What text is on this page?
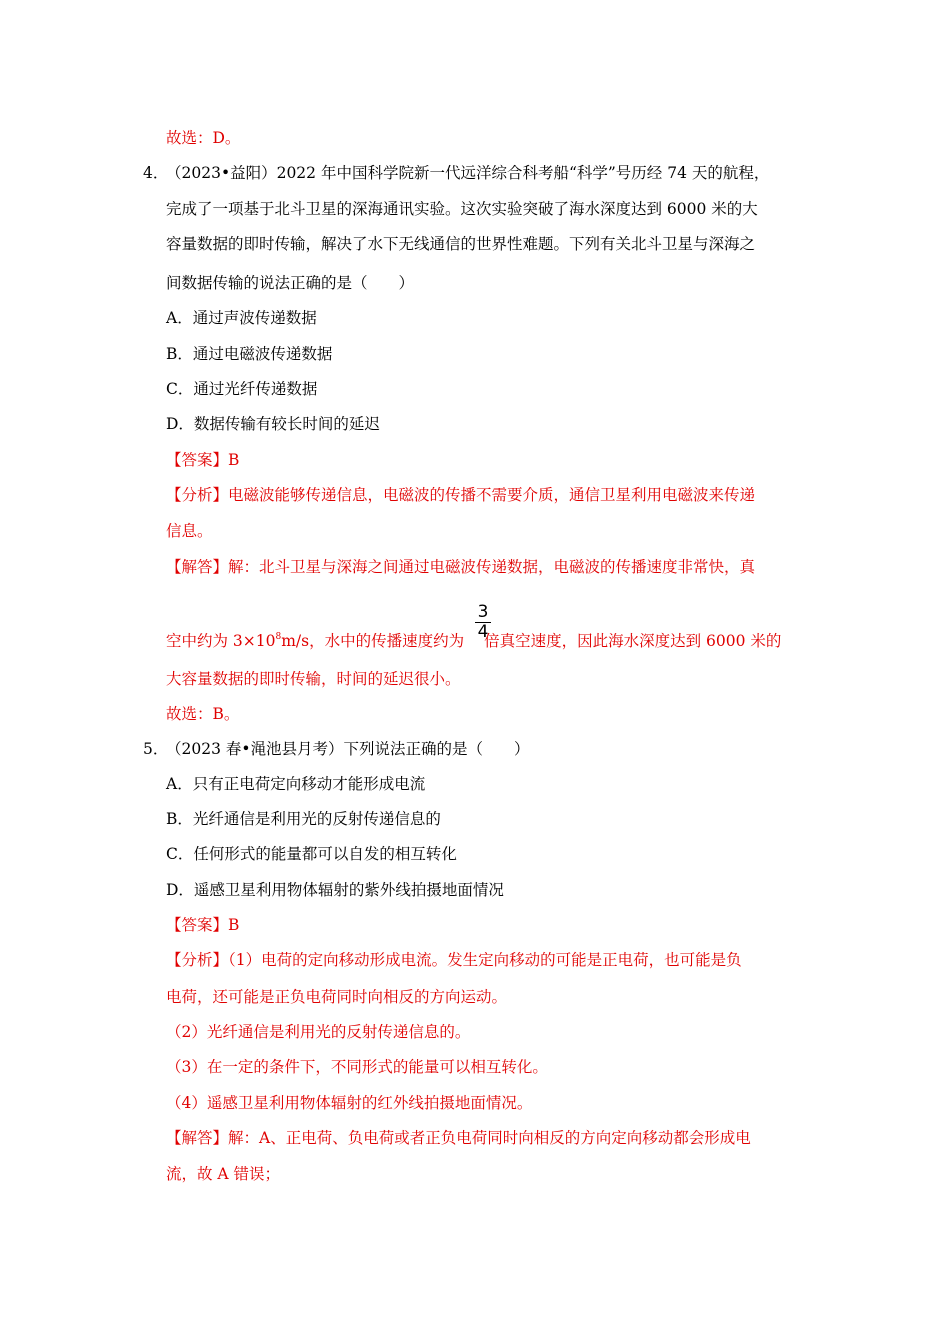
故选：D。
4．
（2023•益阳）2022 年中国科学院新一代远洋综合科考船“科学”号历经 74 天的航程，
完成了一项基于北斗卫星的深海通讯实验。这次实验突破了海水深度达到 6000 米的大
容量数据的即时传输，解决了水下无线通信的世界性难题。下列有关北斗卫星与深海之
间数据传输的说法正确的是（　　）
A．通过声波传递数据
B．通过电磁波传递数据
C．通过光纤传递数据
D．数据传输有较长时间的延迟
【答案】B
【分析】电磁波能够传递信息，电磁波的传播不需要介质，通信卫星利用电磁波来传递
信息。
【解答】解：北斗卫星与深海之间通过电磁波传递数据，电磁波的传播速度非常快，真
空中约为 $3\times 10^8m/s$，水中的传播速度约为 倍真空速度，因此海水深度达到 6000 米的
3
4
大容量数据的即时传输，时间的延迟很小。
故选：B。
5．
（2023 春•渑池县月考）下列说法正确的是（　　）
A．只有正电荷定向移动才能形成电流
B．光纤通信是利用光的反射传递信息的
C．任何形式的能量都可以自发的相互转化
D．遥感卫星利用物体辐射的紫外线拍摄地面情况
【答案】B
【分析】（1）电荷的定向移动形成电流。发生定向移动的可能是正电荷，也可能是负
电荷，还可能是正负电荷同时向相反的方向运动。
（2）光纤通信是利用光的反射传递信息的。
（3）在一定的条件下，不同形式的能量可以相互转化。
（4）遥感卫星利用物体辐射的红外线拍摄地面情况。
【解答】解：A、正电荷、负电荷或者正负电荷同时向相反的方向定向移动都会形成电
流，故 A 错误；
